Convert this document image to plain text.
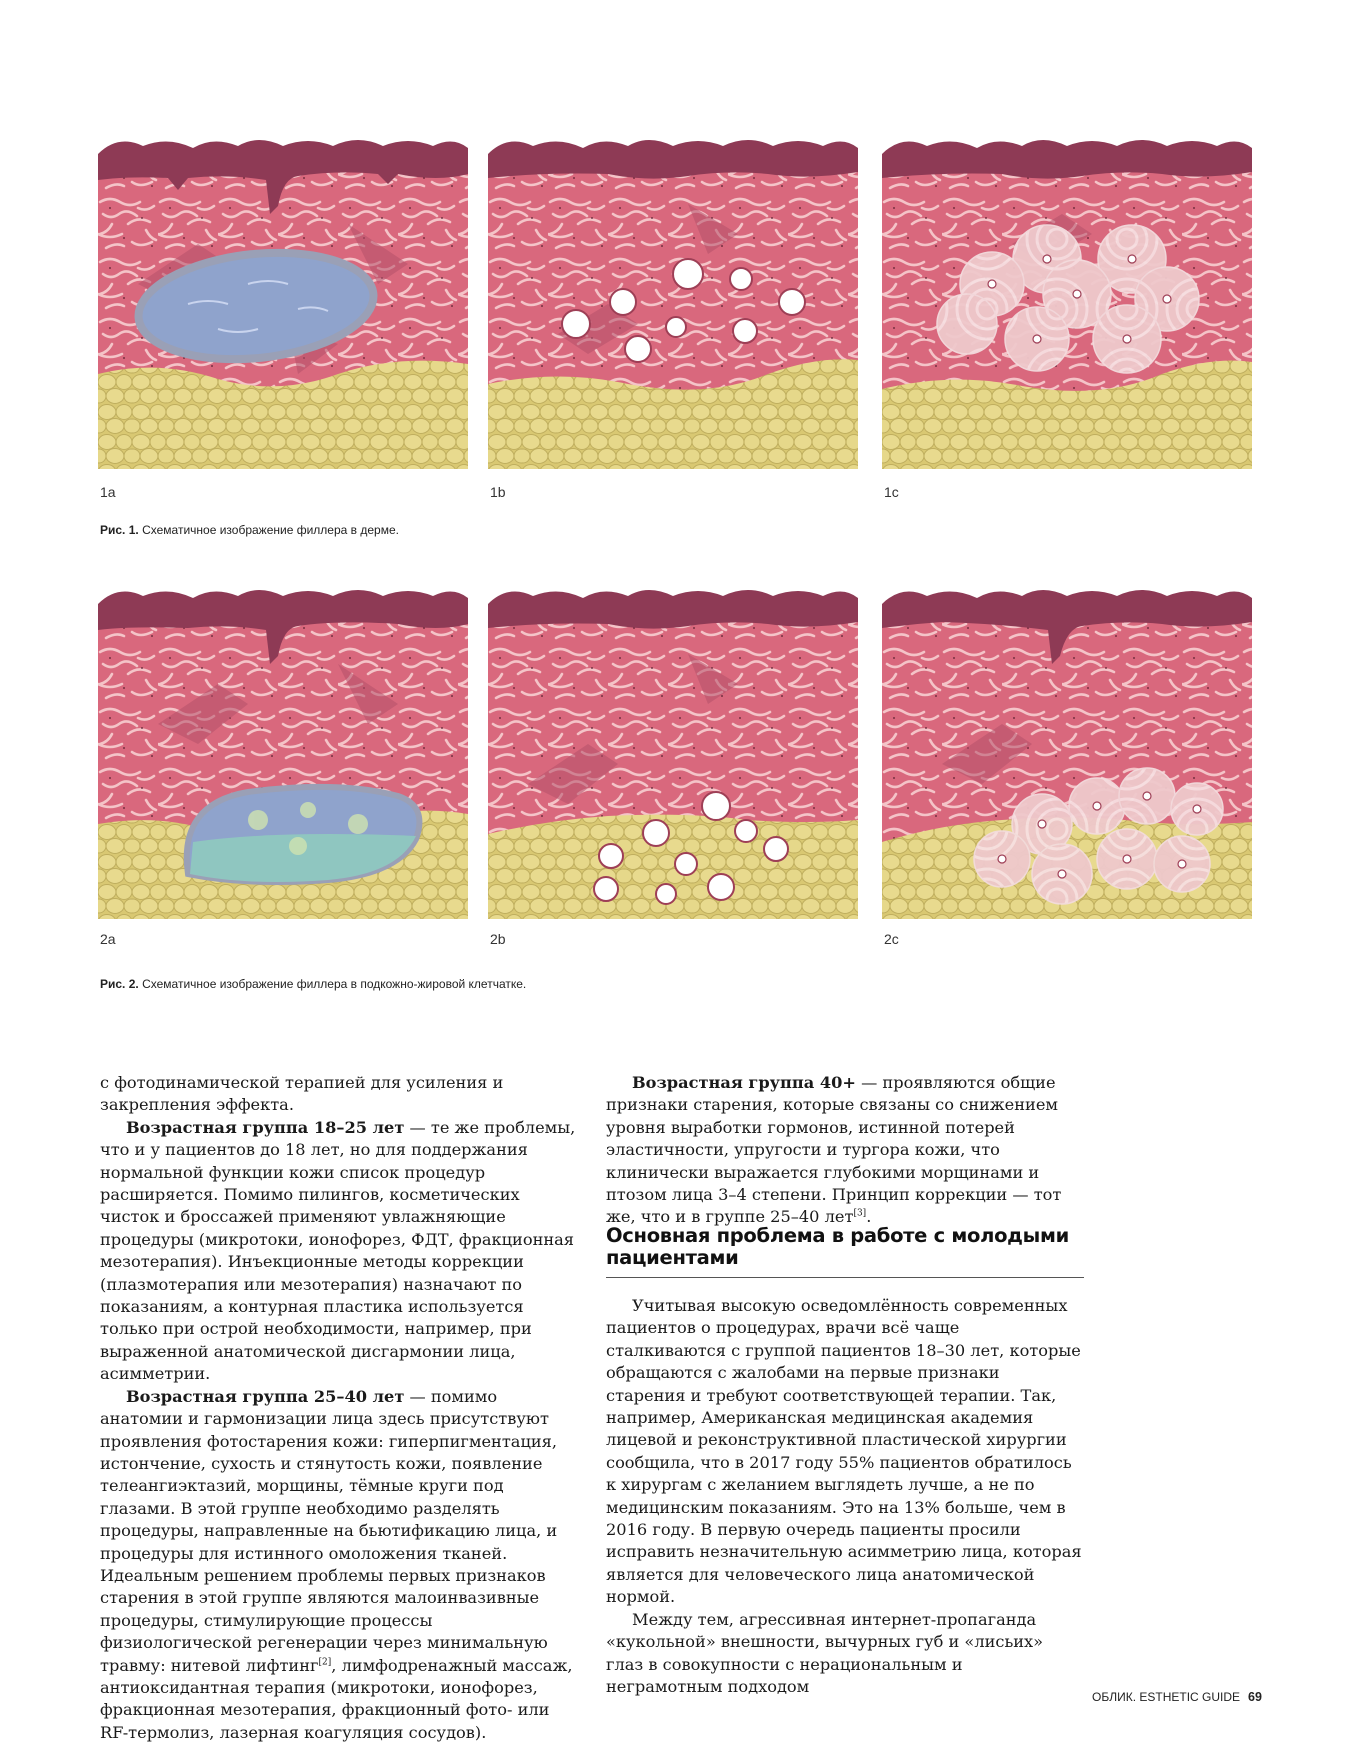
1a	1b	1c
Рис. 1. Схематичное изображение филлера в дерме.
2a	2b	2c
Рис. 2. Схематичное изображение филлера в подкожно-жировой клетчатке.

с фотодинамической терапией для усиления и закрепления эффекта.

Возрастная группа 18–25 лет — те же проблемы, что и у пациентов до 18 лет, но для поддержания нормальной функции кожи список процедур расширяется. Помимо пилингов, косметических чисток и броссажей применяют увлажняющие процедуры (микротоки, ионофорез, ФДТ, фракционная мезотерапия). Инъекционные методы коррекции (плазмотерапия или мезотерапия) назначают по показаниям, а контурная пластика используется только при острой необходимости, например, при выраженной анатомической дисгармонии лица, асимметрии.

Возрастная группа 25–40 лет — помимо анатомии и гармонизации лица здесь присутствуют проявления фотостарения кожи: гиперпигментация, истончение, сухость и стянутость кожи, появление телеангиэктазий, морщины, тёмные круги под глазами. В этой группе необходимо разделять процедуры, направленные на бьютификацию лица, и процедуры для истинного омоложения тканей. Идеальным решением проблемы первых признаков старения в этой группе являются малоинвазивные процедуры, стимулирующие процессы физиологической регенерации через минимальную травму: нитевой лифтинг[2], лимфодренажный массаж, антиоксидантная терапия (микротоки, ионофорез, фракционная мезотерапия, фракционный фото- или RF-термолиз, лазерная коагуляция сосудов).

Возрастная группа 40+ — проявляются общие признаки старения, которые связаны со снижением уровня выработки гормонов, истинной потерей эластичности, упругости и тургора кожи, что клинически выражается глубокими морщинами и птозом лица 3–4 степени. Принцип коррекции — тот же, что и в группе 25–40 лет[3].

Основная проблема в работе с молодыми пациентами

Учитывая высокую осведомлённость современных пациентов о процедурах, врачи всё чаще сталкиваются с группой пациентов 18–30 лет, которые обращаются с жалобами на первые признаки старения и требуют соответствующей терапии. Так, например, Американская медицинская академия лицевой и реконструктивной пластической хирургии сообщила, что в 2017 году 55% пациентов обратилось к хирургам с желанием выглядеть лучше, а не по медицинским показаниям. Это на 13% больше, чем в 2016 году. В первую очередь пациенты просили исправить незначительную асимметрию лица, которая является для человеческого лица анатомической нормой.

Между тем, агрессивная интернет-пропаганда «кукольной» внешности, вычурных губ и «лисьих» глаз в совокупности с нерациональным и неграмотным подходом

ОБЛИК. ESTHETIC GUIDE 69
